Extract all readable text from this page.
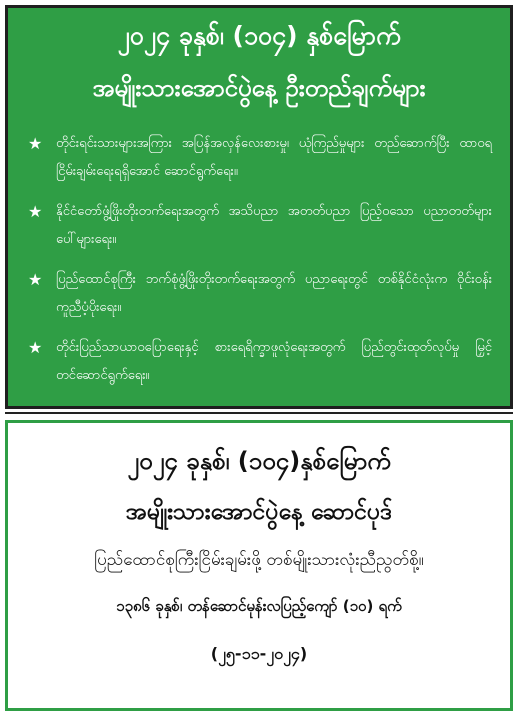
၂၀၂၄ ခုနှစ်၊ (၁၀၄) နှစ်မြောက်
အမျိုးသားအောင်ပွဲနေ့ ဦးတည်ချက်များ
★	တိုင်းရင်းသားများအကြား အပြန်အလှန်လေးစားမှု၊ ယုံကြည်မှုများ တည်ဆောက်ပြီး ထာဝရငြိမ်းချမ်းရေးရရှိအောင် ဆောင်ရွက်ရေး။
★	နိုင်ငံတော်ဖွံ့ဖြိုးတိုးတက်ရေးအတွက် အသိပညာ အတတ်ပညာ ပြည့်ဝသော ပညာတတ်များ ပေါ်များရေး။
★	ပြည်ထောင်စုကြီး ဘက်စုံဖွံ့ဖြိုးတိုးတက်ရေးအတွက် ပညာရေးတွင် တစ်နိုင်ငံလုံးက ဝိုင်းဝန်းကူညီပံ့ပိုးရေး။
★	တိုင်းပြည်သာယာဝပြောရေးနှင့် စားရေရိက္ခာဖူလုံရေးအတွက် ပြည်တွင်းထုတ်လုပ်မှု မြှင့်တင်ဆောင်ရွက်ရေး။
၂၀၂၄ ခုနှစ်၊ (၁၀၄)နှစ်မြောက်
အမျိုးသားအောင်ပွဲနေ့ ဆောင်ပုဒ်
ပြည်ထောင်စုကြီးငြိမ်းချမ်းဖို့ တစ်မျိုးသားလုံးညီညွတ်စို့။
၁၃၈၆ ခုနှစ်၊ တန်ဆောင်မုန်းလပြည့်ကျော် (၁၀) ရက်
(၂၅-၁၁-၂၀၂၄)
